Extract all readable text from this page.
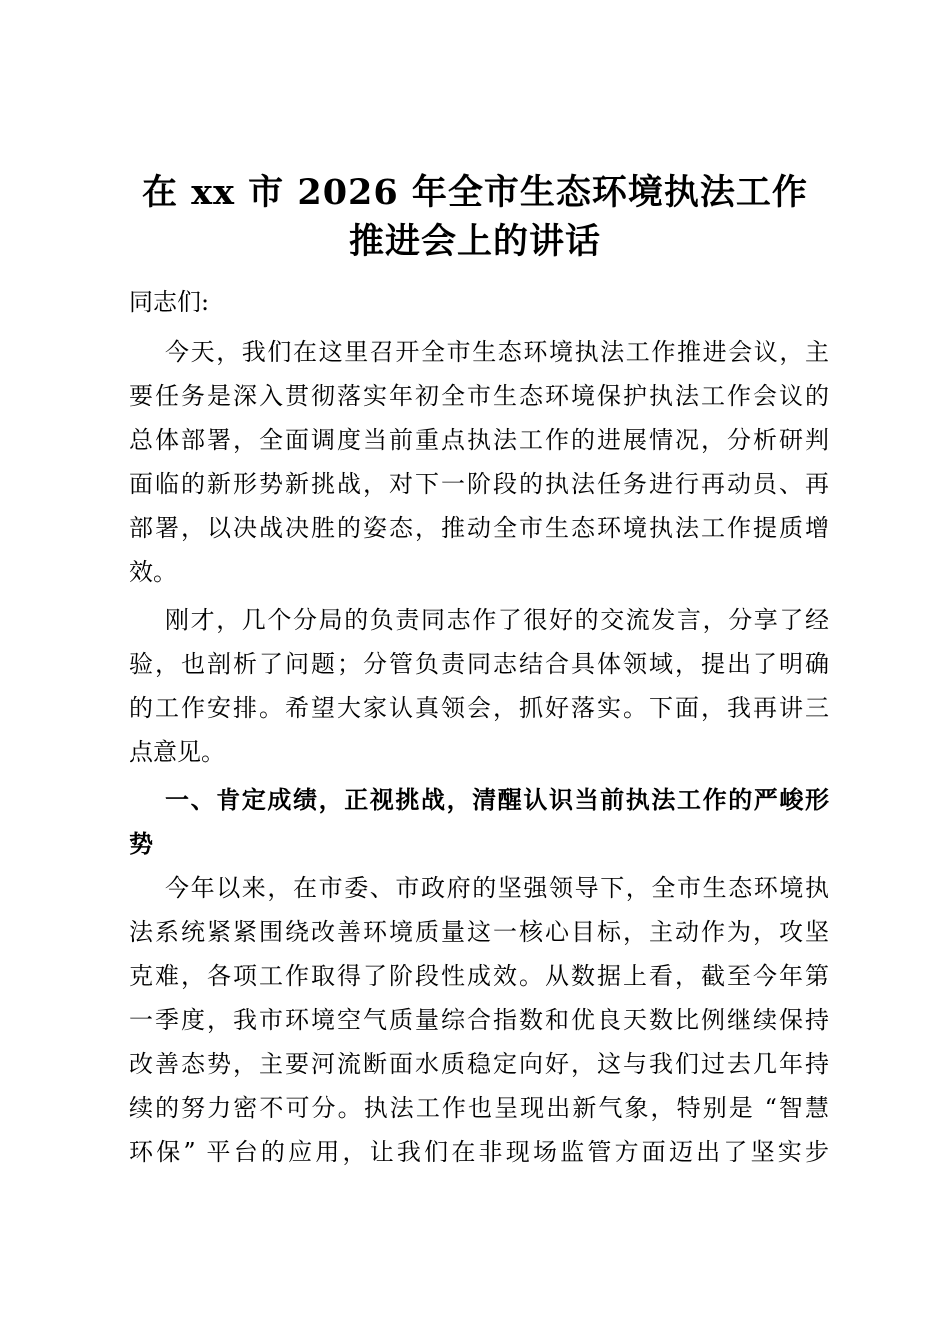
在 xx 市 2026 年全市生态环境执法工作
推进会上的讲话
同志们:
今天，我们在这里召开全市生态环境执法工作推进会议，主
要任务是深入贯彻落实年初全市生态环境保护执法工作会议的
总体部署，全面调度当前重点执法工作的进展情况，分析研判
面临的新形势新挑战，对下一阶段的执法任务进行再动员、再
部署，以决战决胜的姿态，推动全市生态环境执法工作提质增
效。
刚才，几个分局的负责同志作了很好的交流发言，分享了经
验，也剖析了问题；分管负责同志结合具体领域，提出了明确
的工作安排。希望大家认真领会，抓好落实。下面，我再讲三
点意见。
一、肯定成绩，正视挑战，清醒认识当前执法工作的严峻形
势
今年以来，在市委、市政府的坚强领导下，全市生态环境执
法系统紧紧围绕改善环境质量这一核心目标，主动作为，攻坚
克难，各项工作取得了阶段性成效。从数据上看，截至今年第
一季度，我市环境空气质量综合指数和优良天数比例继续保持
改善态势，主要河流断面水质稳定向好，这与我们过去几年持
续的努力密不可分。执法工作也呈现出新气象，特别是 “智慧
环保” 平台的应用，让我们在非现场监管方面迈出了坚实步
